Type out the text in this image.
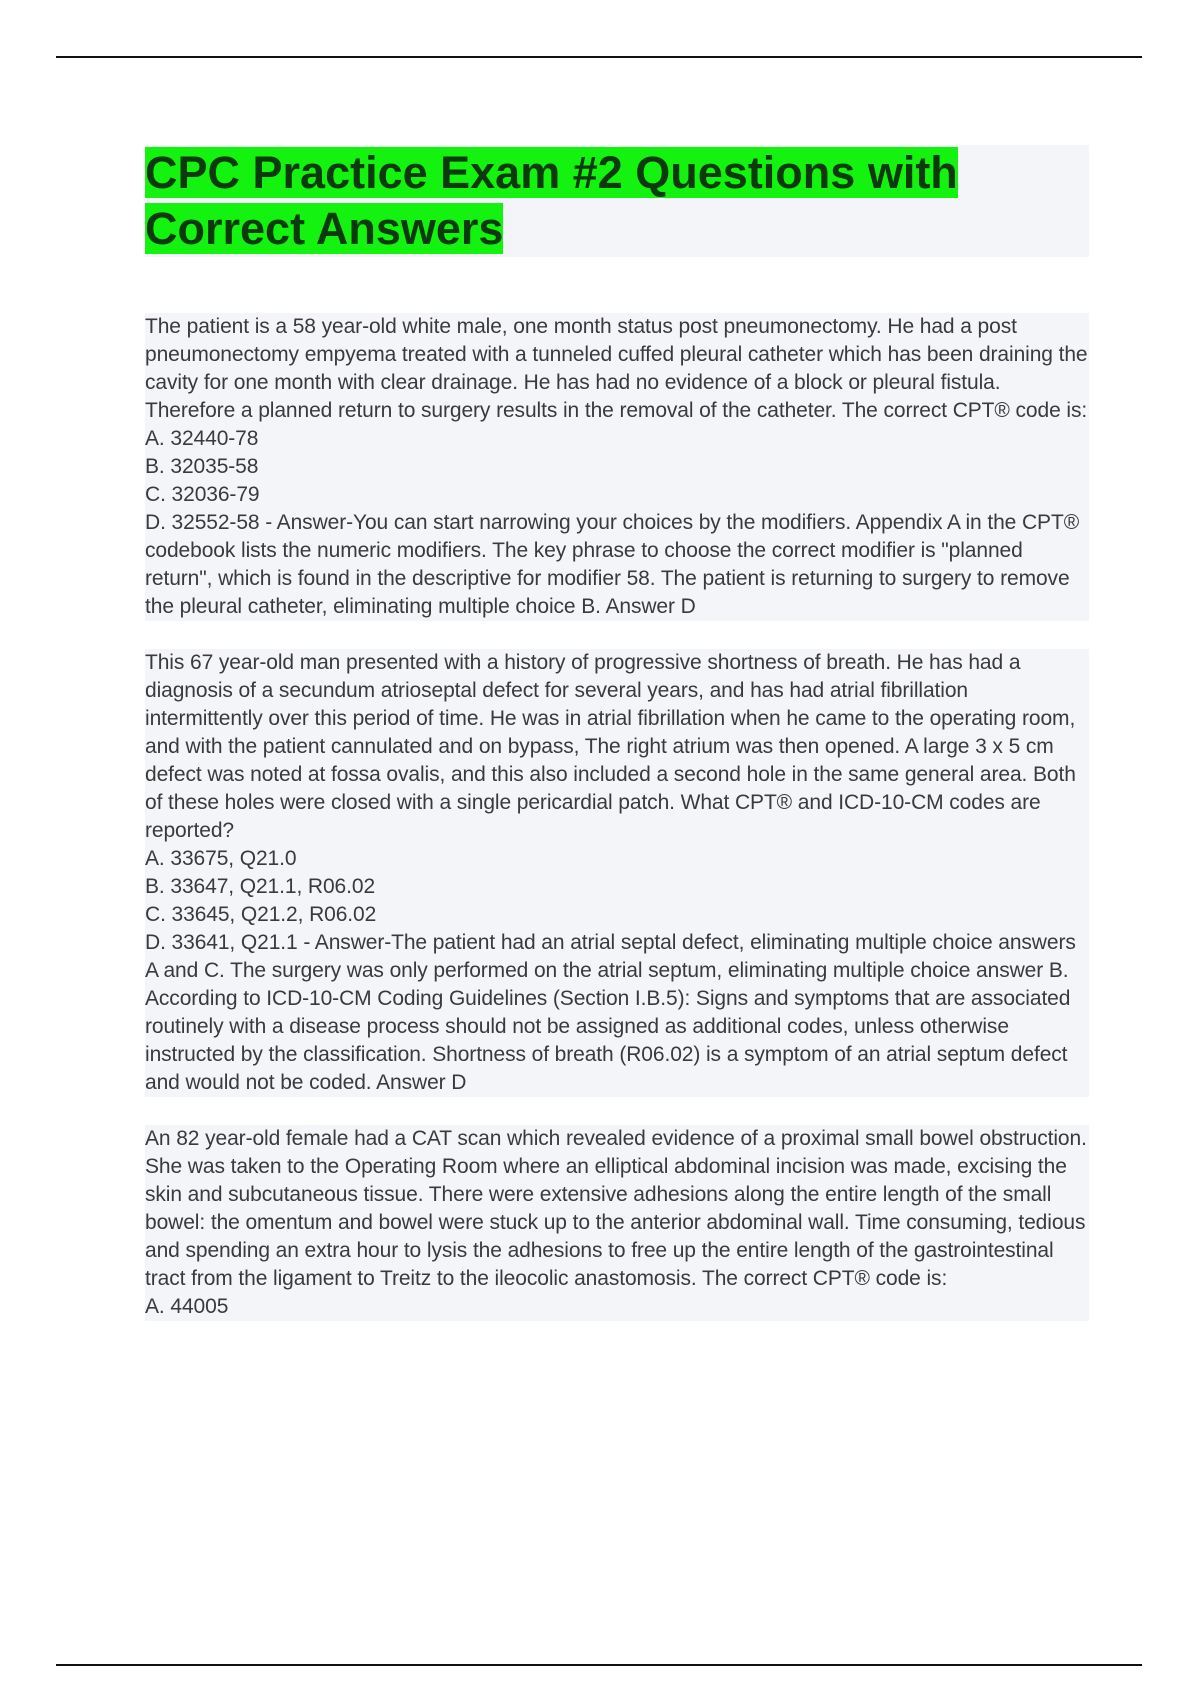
CPC Practice Exam #2 Questions with
Correct Answers

The patient is a 58 year-old white male, one month status post pneumonectomy. He had a post pneumonectomy empyema treated with a tunneled cuffed pleural catheter which has been draining the cavity for one month with clear drainage. He has had no evidence of a block or pleural fistula. Therefore a planned return to surgery results in the removal of the catheter. The correct CPT® code is:

A. 32440-78
B. 32035-58
C. 32036-79
D. 32552-58 - Answer-You can start narrowing your choices by the modifiers. Appendix A in the CPT® codebook lists the numeric modifiers. The key phrase to choose the correct modifier is "planned return", which is found in the descriptive for modifier 58. The patient is returning to surgery to remove the pleural catheter, eliminating multiple choice B. Answer D

This 67 year-old man presented with a history of progressive shortness of breath. He has had a diagnosis of a secundum atrioseptal defect for several years, and has had atrial fibrillation intermittently over this period of time. He was in atrial fibrillation when he came to the operating room, and with the patient cannulated and on bypass, The right atrium was then opened. A large 3 x 5 cm defect was noted at fossa ovalis, and this also included a second hole in the same general area. Both of these holes were closed with a single pericardial patch. What CPT® and ICD-10-CM codes are reported?

A. 33675, Q21.0
B. 33647, Q21.1, R06.02
C. 33645, Q21.2, R06.02
D. 33641, Q21.1 - Answer-The patient had an atrial septal defect, eliminating multiple choice answers A and C. The surgery was only performed on the atrial septum, eliminating multiple choice answer B. According to ICD-10-CM Coding Guidelines (Section I.B.5): Signs and symptoms that are associated routinely with a disease process should not be assigned as additional codes, unless otherwise instructed by the classification. Shortness of breath (R06.02) is a symptom of an atrial septum defect and would not be coded. Answer D

An 82 year-old female had a CAT scan which revealed evidence of a proximal small bowel obstruction. She was taken to the Operating Room where an elliptical abdominal incision was made, excising the skin and subcutaneous tissue. There were extensive adhesions along the entire length of the small bowel: the omentum and bowel were stuck up to the anterior abdominal wall. Time consuming, tedious and spending an extra hour to lysis the adhesions to free up the entire length of the gastrointestinal tract from the ligament to Treitz to the ileocolic anastomosis. The correct CPT® code is:

A. 44005
